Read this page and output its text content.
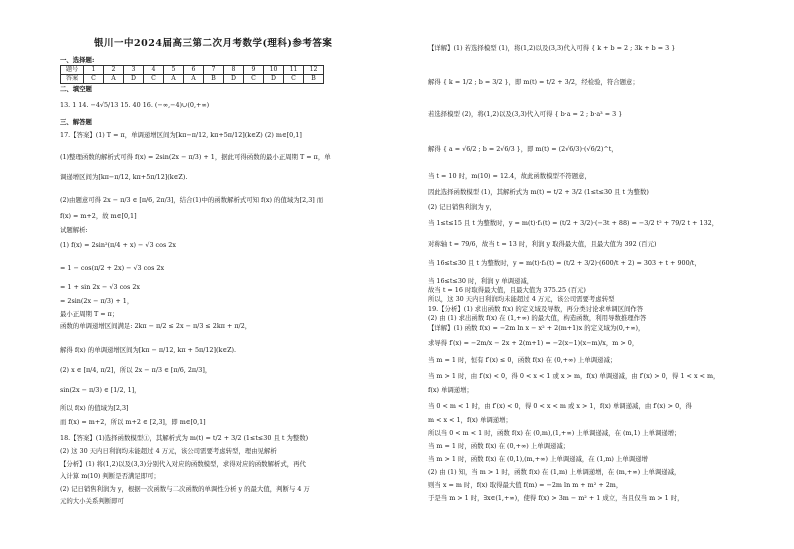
银川一中2024届高三第二次月考数学(理科)参考答案
一、选择题:
题号	1	2	3	4	5	6	7	8	9	10	11	12
答案	C	A	D	C	A	A	B	D	C	D	C	B
二、填空题
13. 1 14. −4√5/13 15. 40 16. (−∞,−4)∪(0,+∞)
三、解答题
17.【答案】(1) T = π，单调递增区间为[kπ−π/12, kπ+5π/12](k∈Z) (2) m∈[0,1]
(1)整理函数的解析式可得 f(x) = 2sin(2x − π/3) + 1，据此可得函数的最小正周期 T = π，单
调递增区间为[kπ−π/12, kπ+5π/12](k∈Z).
(2)由题意可得 2x − π/3 ∈ [π/6, 2π/3]，结合(1)中的函数解析式可知 f(x) 的值域为[2,3] 而
f(x) = m+2，故 m∈[0,1]
试题解析:
(1) f(x) = 2sin²(π/4 + x) − √3 cos 2x
= 1 − cos(π/2 + 2x) − √3 cos 2x
= 1 + sin 2x − √3 cos 2x
= 2sin(2x − π/3) + 1，
最小正周期 T = π；
函数的单调递增区间满足: 2kπ − π/2 ≤ 2x − π/3 ≤ 2kπ + π/2，
解得 f(x) 的单调递增区间为[kπ − π/12, kπ + 5π/12](k∈Z).
(2) x ∈ [π/4, π/2]，所以 2x − π/3 ∈ [π/6, 2π/3]，
sin(2x − π/3) ∈ [1/2, 1]，
所以 f(x) 的值域为[2,3]
而 f(x) = m+2，所以 m+2 ∈ [2,3]，即 m∈[0,1]
18.【答案】(1)选择函数模型①，其解析式为 m(t) = t/2 + 3/2 (1≤t≤30 且 t 为整数)
(2) 这 30 天内日利润均未能超过 4 万元，该公司需要考虑转型，理由见解析
【分析】(1) 将(1,2)以及(3,3)分别代入对应的函数模型，求得对应的函数解析式，再代
入计算 m(10) 判断是否满足即可；
(2) 记日销售利润为 y，根据一次函数与二次函数的单调性分析 y 的最大值，判断与 4 万
元的大小关系判断即可
【详解】(1) 若选择模型 (1)，将(1,2)以及(3,3)代入可得 { k + b = 2 ; 3k + b = 3 }
解得 { k = 1/2 ; b = 3/2 }，即 m(t) = t/2 + 3/2，经检验，符合题意；
若选择模型 (2)，将(1,2)以及(3,3)代入可得 { b·a = 2 ; b·a³ = 3 }
解得 { a = √6/2 ; b = 2√6/3 }，即 m(t) = (2√6/3)·(√6/2)^t，
当 t = 10 时，m(10) = 12.4，故此函数模型不符题意，
因此选择函数模型 (1)，其解析式为 m(t) = t/2 + 3/2 (1≤t≤30 且 t 为整数)
(2) 记日销售利润为 y，
当 1≤t≤15 且 t 为整数时，y = m(t)·f₁(t) = (t/2 + 3/2)·(−3t + 88) = −3/2 t² + 79/2 t + 132，
对称轴 t = 79/6，故当 t = 13 时，利润 y 取得最大值，且最大值为 392 (百元)
当 16≤t≤30 且 t 为整数时，y = m(t)·f₂(t) = (t/2 + 3/2)·(600/t + 2) = 303 + t + 900/t，
当 16≤t≤30 时，利润 y 单调递减，
故当 t = 16 时取得最大值，且最大值为 375.25 (百元)
所以，这 30 天内日利润均未能超过 4 万元，该公司需要考虑转型
19.【分析】(1) 求出函数 f(x) 的定义域及导数，再分类讨论求单调区间作答
(2) 由 (1) 求出函数 f(x) 在 (1,+∞) 的最大值，构造函数，利用导数推理作答
【详解】(1) 函数 f(x) = −2m ln x − x² + 2(m+1)x 的定义域为(0,+∞)，
求导得 f′(x) = −2m/x − 2x + 2(m+1) = −2(x−1)(x−m)/x，m > 0，
当 m = 1 时，恒有 f′(x) ≤ 0，函数 f(x) 在 (0,+∞) 上单调递减；
当 m > 1 时，由 f′(x) < 0，得 0 < x < 1 或 x > m，f(x) 单调递减，由 f′(x) > 0，得 1 < x < m，
f(x) 单调递增；
当 0 < m < 1 时，由 f′(x) < 0，得 0 < x < m 或 x > 1，f(x) 单调递减，由 f′(x) > 0，得
m < x < 1，f(x) 单调递增；
所以当 0 < m < 1 时，函数 f(x) 在 (0,m),(1,+∞) 上单调递减，在 (m,1) 上单调递增；
当 m = 1 时，函数 f(x) 在 (0,+∞) 上单调递减；
当 m > 1 时，函数 f(x) 在 (0,1),(m,+∞) 上单调递减，在 (1,m) 上单调递增
(2) 由 (1) 知，当 m > 1 时，函数 f(x) 在 (1,m) 上单调递增，在 (m,+∞) 上单调递减，
则当 x = m 时，f(x) 取得最大值 f(m) = −2m ln m + m² + 2m，
于是当 m > 1 时，∃x∈(1,+∞)，使得 f(x) > 3m − m² + 1 成立，当且仅当 m > 1 时，
